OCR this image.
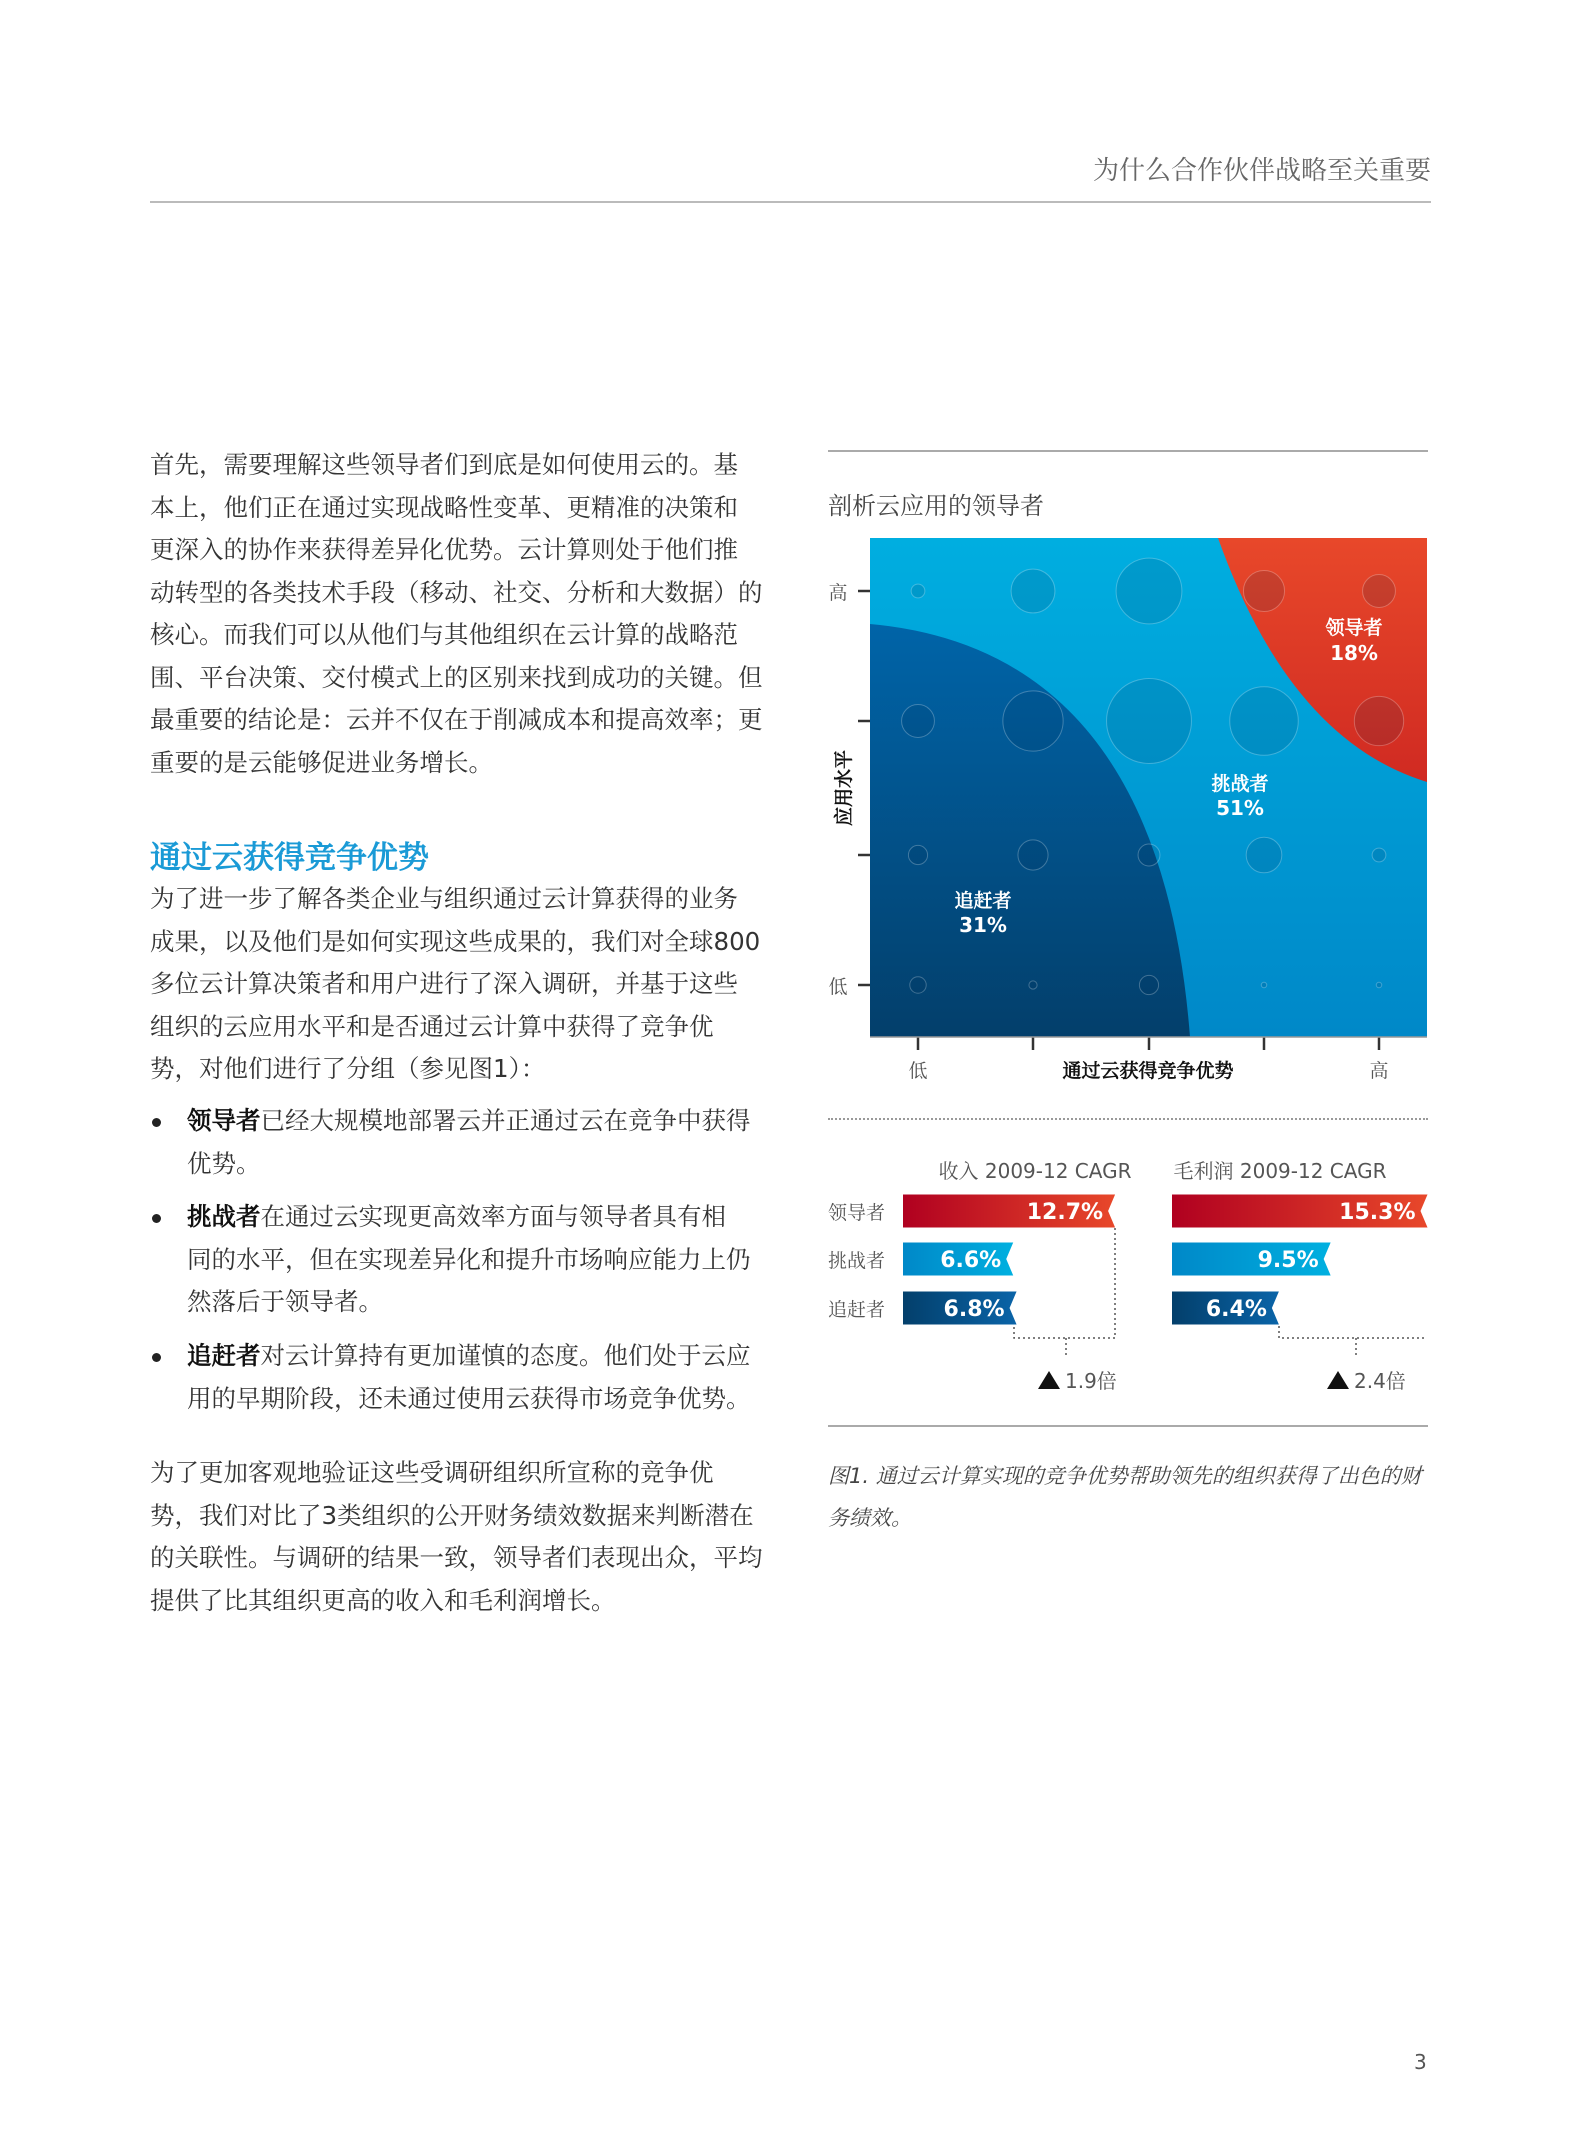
为什么合作伙伴战略至关重要
首先，需要理解这些领导者们到底是如何使用云的。基
本上，他们正在通过实现战略性变革、更精准的决策和
更深入的协作来获得差异化优势。云计算则处于他们推
动转型的各类技术手段（移动、社交、分析和大数据）的
核心。而我们可以从他们与其他组织在云计算的战略范
围、平台决策、交付模式上的区别来找到成功的关键。但
最重要的结论是：云并不仅在于削减成本和提高效率；更
重要的是云能够促进业务增长。
通过云获得竞争优势
为了进一步了解各类企业与组织通过云计算获得的业务
成果，以及他们是如何实现这些成果的，我们对全球800
多位云计算决策者和用户进行了深入调研，并基于这些
组织的云应用水平和是否通过云计算中获得了竞争优
势，对他们进行了分组（参见图1）：
领导者已经大规模地部署云并正通过云在竞争中获得
优势。
挑战者在通过云实现更高效率方面与领导者具有相
同的水平，但在实现差异化和提升市场响应能力上仍
然落后于领导者。
追赶者对云计算持有更加谨慎的态度。他们处于云应
用的早期阶段，还未通过使用云获得市场竞争优势。
为了更加客观地验证这些受调研组织所宣称的竞争优
势，我们对比了3类组织的公开财务绩效数据来判断潜在
的关联性。与调研的结果一致，领导者们表现出众，平均
提供了比其组织更高的收入和毛利润增长。
剖析云应用的领导者
领导者
18%
挑战者
51%
追赶者
31%
高
低
低	高
通过云获得竞争优势
应用水平
收入 2009-12 CAGR 毛利润 2009-12 CAGR
领导者
挑战者
追赶者
12.7%
6.6%
6.8%
15.3%
9.5%
6.4%
1.9倍	2.4倍
图1. 通过云计算实现的竞争优势帮助领先的组织获得了出色的财务绩效。
3
